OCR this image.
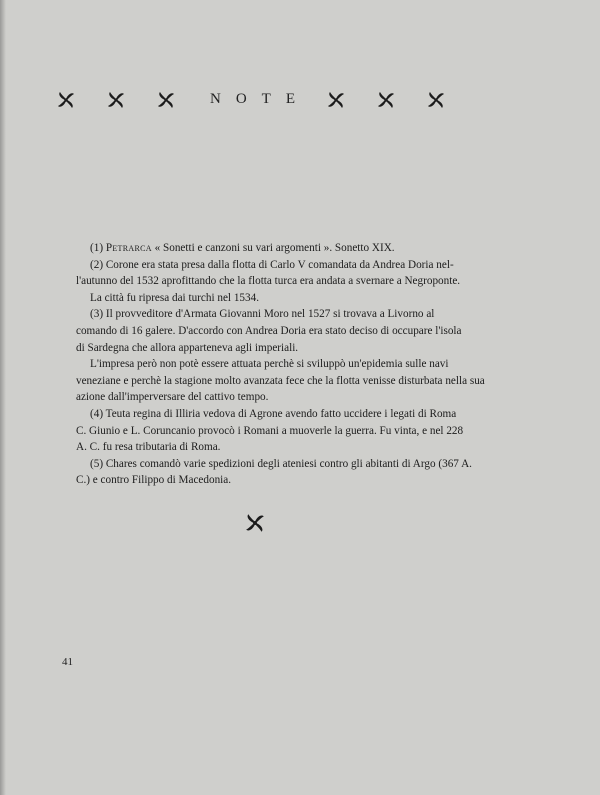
NOTE

(1) Petrarca « Sonetti e canzoni su vari argomenti ». Sonetto XIX.

(2) Corone era stata presa dalla flotta di Carlo V comandata da Andrea Doria nel-

l'autunno del 1532 aprofittando che la flotta turca era andata a svernare a Negroponte.

La città fu ripresa dai turchi nel 1534.

(3) Il provveditore d'Armata Giovanni Moro nel 1527 si trovava a Livorno al

comando di 16 galere. D'accordo con Andrea Doria era stato deciso di occupare l'isola

di Sardegna che allora apparteneva agli imperiali.

L'impresa però non potè essere attuata perchè si sviluppò un'epidemia sulle navi

veneziane e perchè la stagione molto avanzata fece che la flotta venisse disturbata nella sua

azione dall'imperversare del cattivo tempo.

(4) Teuta regina di Illiria vedova di Agrone avendo fatto uccidere i legati di Roma

C. Giunio e L. Coruncanio provocò i Romani a muoverle la guerra. Fu vinta, e nel 228

A. C. fu resa tributaria di Roma.

(5) Chares comandò varie spedizioni degli ateniesi contro gli abitanti di Argo (367 A.

C.) e contro Filippo di Macedonia.

41
